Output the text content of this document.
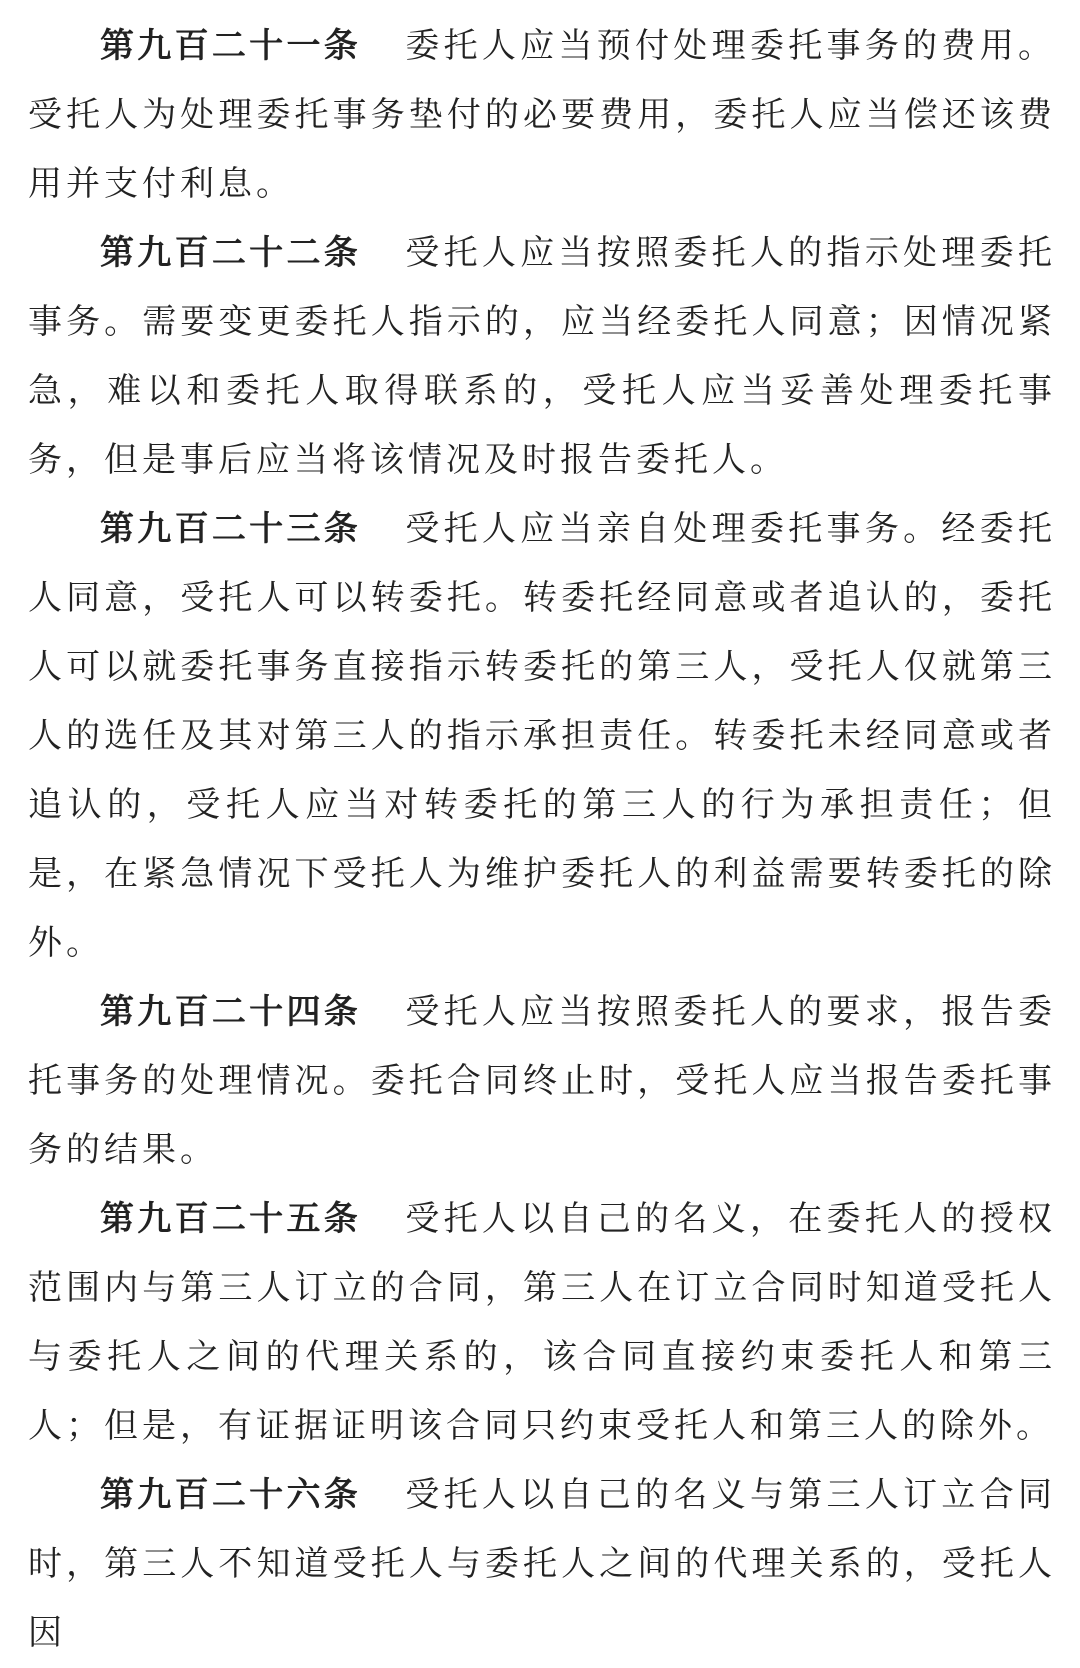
第九百二十一条 委托人应当预付处理委托事务的费用。受托人为处理委托事务垫付的必要费用，委托人应当偿还该费用并支付利息。

第九百二十二条 受托人应当按照委托人的指示处理委托事务。需要变更委托人指示的，应当经委托人同意；因情况紧急，难以和委托人取得联系的，受托人应当妥善处理委托事务，但是事后应当将该情况及时报告委托人。

第九百二十三条 受托人应当亲自处理委托事务。经委托人同意，受托人可以转委托。转委托经同意或者追认的，委托人可以就委托事务直接指示转委托的第三人，受托人仅就第三人的选任及其对第三人的指示承担责任。转委托未经同意或者追认的，受托人应当对转委托的第三人的行为承担责任；但是，在紧急情况下受托人为维护委托人的利益需要转委托的除外。

第九百二十四条 受托人应当按照委托人的要求，报告委托事务的处理情况。委托合同终止时，受托人应当报告委托事务的结果。

第九百二十五条 受托人以自己的名义，在委托人的授权范围内与第三人订立的合同，第三人在订立合同时知道受托人与委托人之间的代理关系的，该合同直接约束委托人和第三人；但是，有证据证明该合同只约束受托人和第三人的除外。

第九百二十六条 受托人以自己的名义与第三人订立合同时，第三人不知道受托人与委托人之间的代理关系的，受托人因
